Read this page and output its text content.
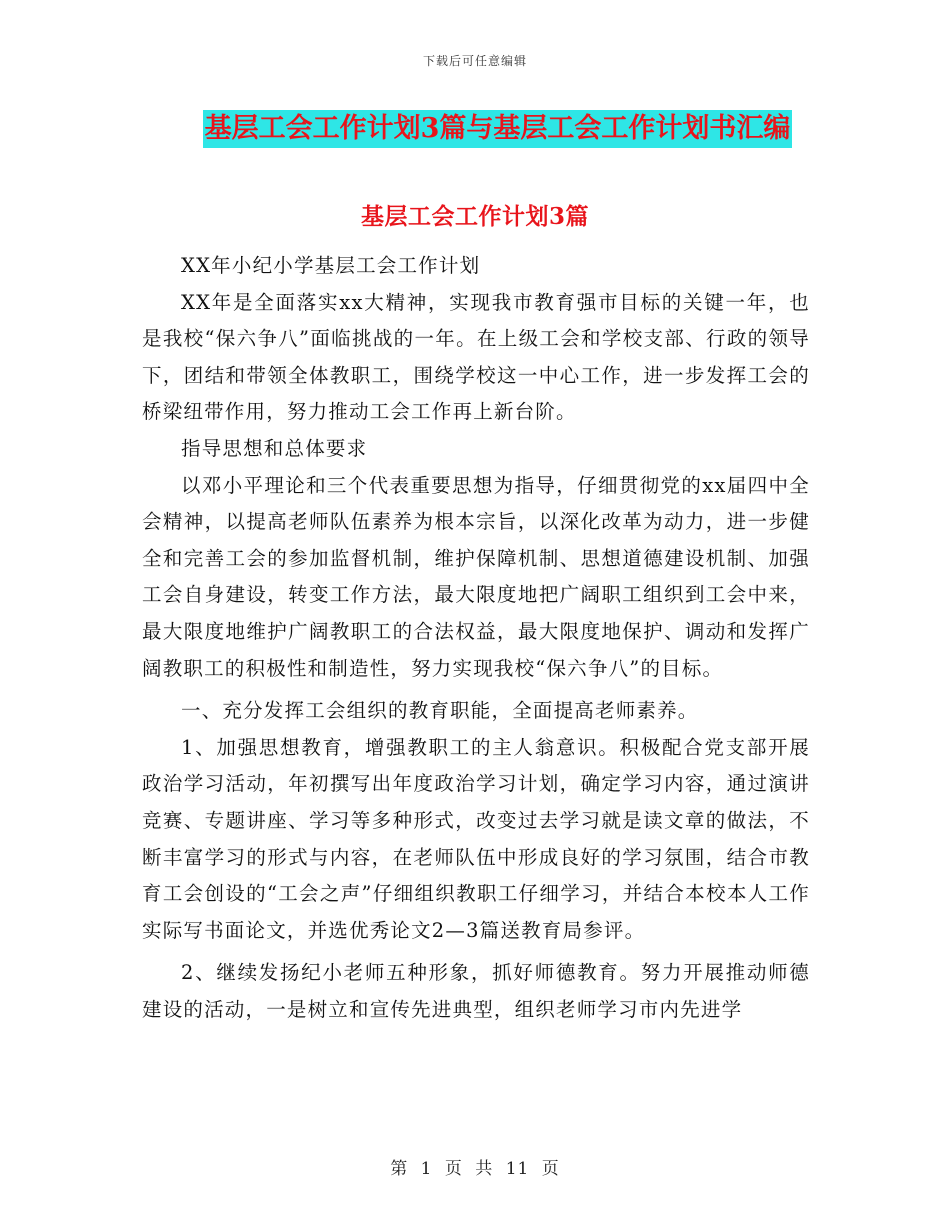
下载后可任意编辑
基层工会工作计划3篇与基层工会工作计划书汇编
基层工会工作计划3篇

XX年小纪小学基层工会工作计划

XX年是全面落实xx大精神，实现我市教育强市目标的关键一年，也是我校“保六争八”面临挑战的一年。在上级工会和学校支部、行政的领导下，团结和带领全体教职工，围绕学校这一中心工作，进一步发挥工会的桥梁纽带作用，努力推动工会工作再上新台阶。

指导思想和总体要求

以邓小平理论和三个代表重要思想为指导，仔细贯彻党的xx届四中全会精神，以提高老师队伍素养为根本宗旨，以深化改革为动力，进一步健全和完善工会的参加监督机制，维护保障机制、思想道德建设机制、加强工会自身建设，转变工作方法，最大限度地把广阔职工组织到工会中来，最大限度地维护广阔教职工的合法权益，最大限度地保护、调动和发挥广阔教职工的积极性和制造性，努力实现我校“保六争八”的目标。

一、充分发挥工会组织的教育职能，全面提高老师素养。

1、加强思想教育，增强教职工的主人翁意识。积极配合党支部开展政治学习活动，年初撰写出年度政治学习计划，确定学习内容，通过演讲竞赛、专题讲座、学习等多种形式，改变过去学习就是读文章的做法，不断丰富学习的形式与内容，在老师队伍中形成良好的学习氛围，结合市教育工会创设的“工会之声”仔细组织教职工仔细学习，并结合本校本人工作实际写书面论文，并选优秀论文2—3篇送教育局参评。

2、继续发扬纪小老师五种形象，抓好师德教育。努力开展推动师德建设的活动，一是树立和宣传先进典型，组织老师学习市内先进学

第 1 页 共 11 页
